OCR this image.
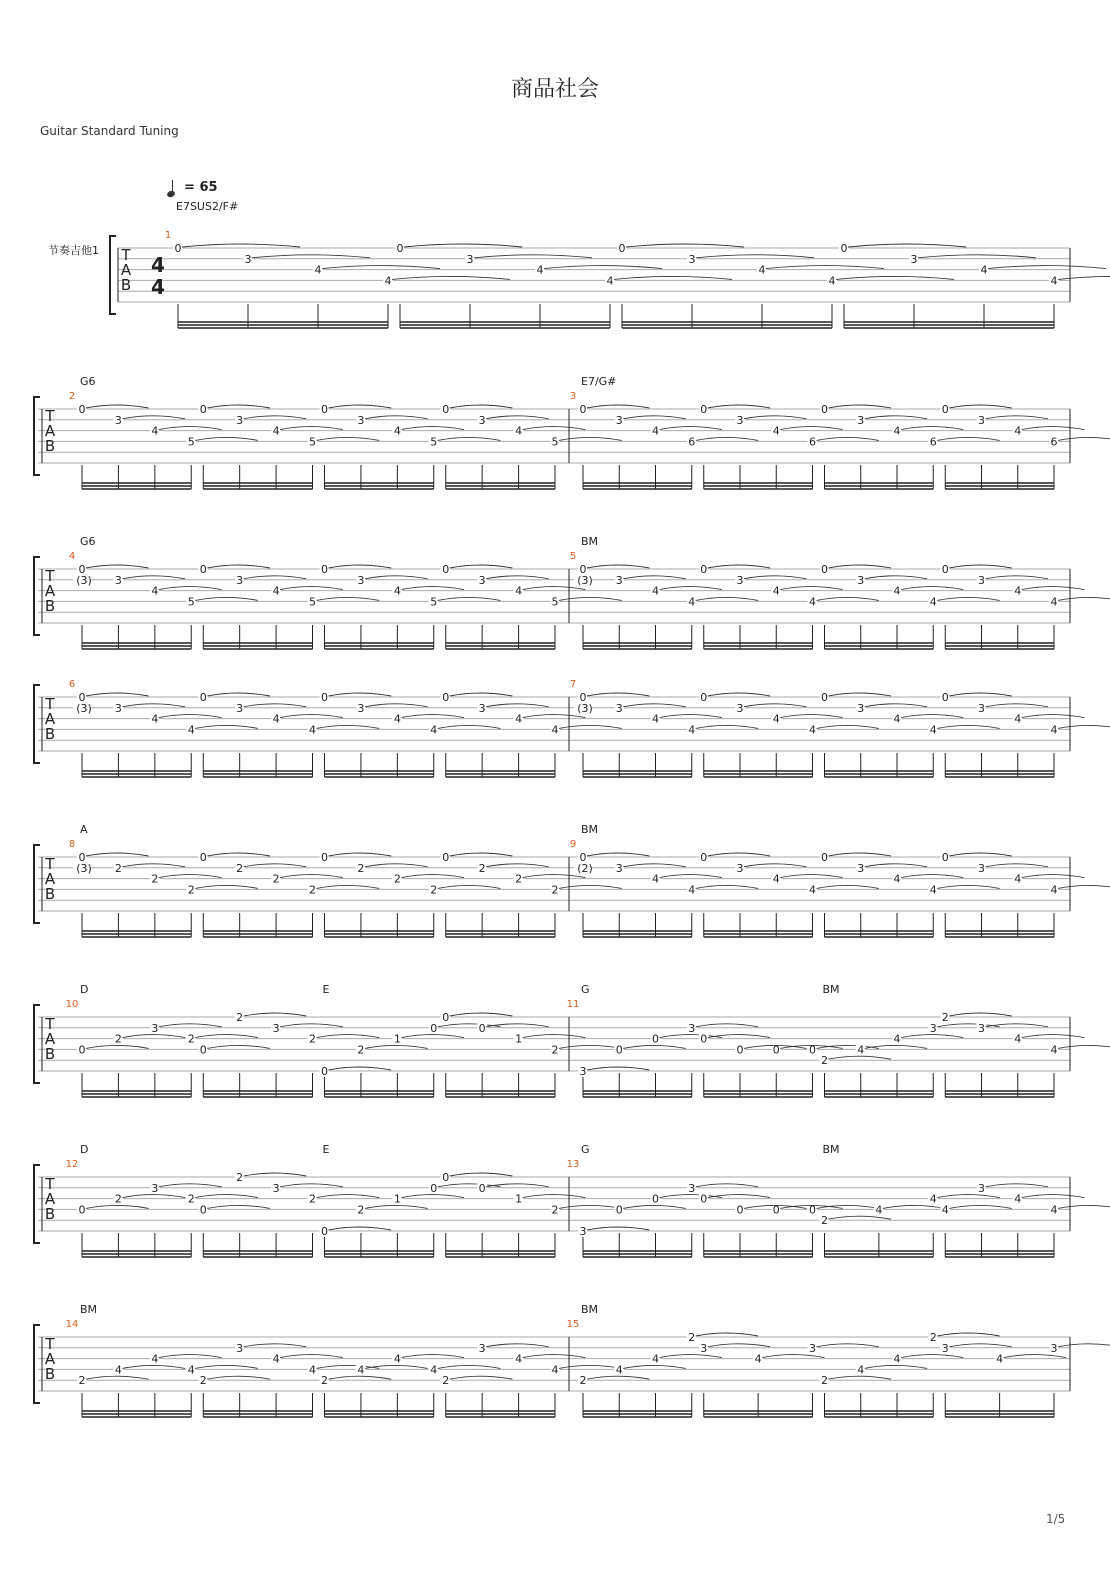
商品社会
Guitar Standard Tuning
= 65
节奏吉他1
1/5
T
A
B
4
4
1
E7SUS2/F#
0
3
4
4
0
3
4
4
0
3
4
4
0
3
4
4
T
A
B
2
G6
0
3
4
5
0
3
4
5
0
3
4
5
0
3
4
5
3
E7/G#
0
3
4
6
0
3
4
6
0
3
4
6
0
3
4
6
T
A
B
4
G6
0
3
4
5
(3)
0
3
4
5
0
3
4
5
0
3
4
5
5
BM
0
3
4
4
(3)
0
3
4
4
0
3
4
4
0
3
4
4
T
A
B
6
0
3
4
4
(3)
0
3
4
4
0
3
4
4
0
3
4
4
7
0
3
4
4
(3)
0
3
4
4
0
3
4
4
0
3
4
4
T
A
B
8
A
0
2
2
2
(3)
0
2
2
2
0
2
2
2
0
2
2
2
9
BM
0
3
4
4
(2)
0
3
4
4
0
3
4
4
0
3
4
4
T
A
B
10
D	E
0
2
3
2
0
2
3
2
0
2
1
0
0
0
1
2
11
G	BM
3
0
0
3
0
0	0	0
2
4
4
3
2
3
4
4
T
A
B
12
D	E
0
2
3
2
0
2
3
2
0
2
1
0
0
0
1
2
13
G	BM
3
0
0
3
0
0	0	0
2
4
4
4
3
4
4
T
A
B
14
BM
2
4
4
4
2
3
4
4
2
4
4
4
2
3
4
4
15
BM
2
4
4
2
3
4
3
2
4
4
2
3
4
3
